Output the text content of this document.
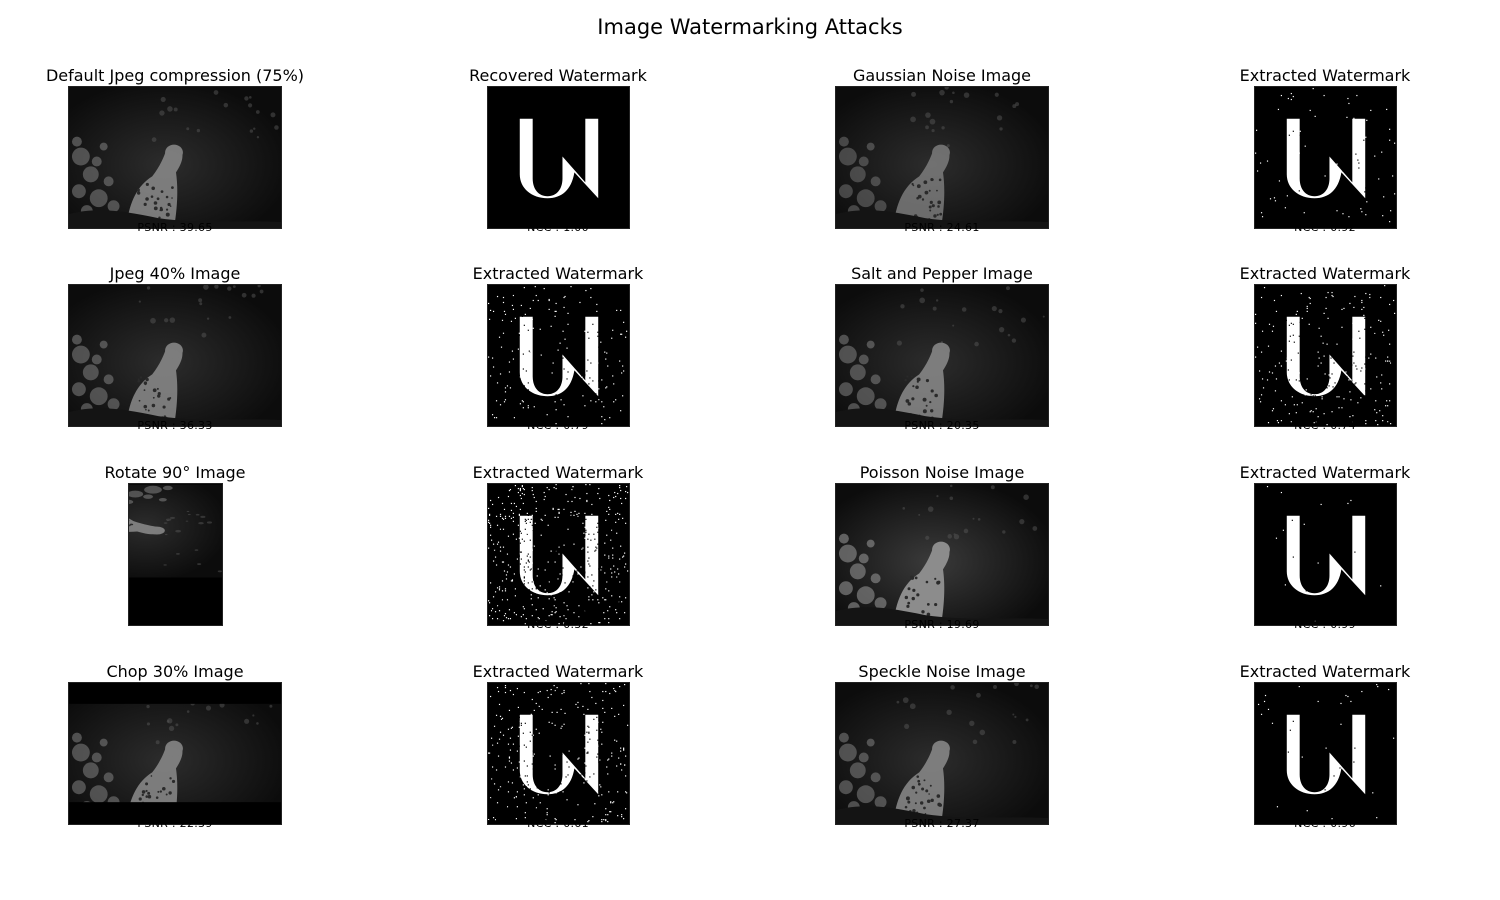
Image Watermarking Attacks
Default Jpeg compression (75%)
PSNR : 39.65
Recovered Watermark
NCC : 1.00
Gaussian Noise Image
PSNR : 24.61
Extracted Watermark
NCC : 0.92
Jpeg 40% Image
PSNR : 36.33
Extracted Watermark
NCC : 0.79
Salt and Pepper Image
PSNR : 20.35
Extracted Watermark
NCC : 0.74
Rotate 90° Image	Extracted Watermark
NCC : 0.32
Poisson Noise Image
PSNR : 19.69
Extracted Watermark
NCC : 0.99
Chop 30% Image
PSNR : 22.39
Extracted Watermark
NCC : 0.61
Speckle Noise Image
PSNR : 27.37
Extracted Watermark
NCC : 0.96
